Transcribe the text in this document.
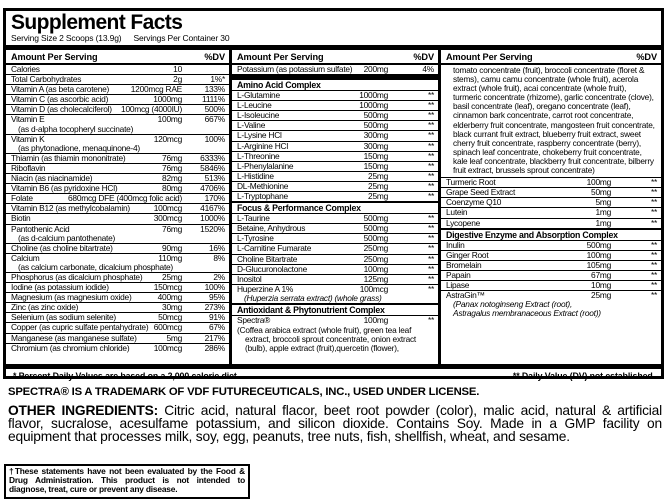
Supplement Facts
Serving Size 2 Scoops (13.9g) Servings Per Container 30
Amount Per Serving	%DV
Calories	10
Total Carbohydrates	2g	1%*
Vitamin A (as beta carotene)	1200mcg RAE	133%
Vitamin C (as ascorbic acid)	1000mg	1111%
Vitamin D (as cholecalciferol)	100mcg (4000IU)	500%
Vitamin E	100mg	667%
(as d-alpha tocopheryl succinate)
Vitamin K	120mcg	100%
(as phytonadione, menaquinone-4)
Thiamin (as thiamin mononitrate)	76mg	6333%
Riboflavin	76mg	5846%
Niacin (as niacinamide)	82mg	513%
Vitamin B6 (as pyridoxine HCl)	80mg	4706%
Folate	680mcg DFE (400mcg folic acid)	170%
Vitamin B12 (as methylcobalamin)	100mcg	4167%
Biotin	300mcg	1000%
Pantothenic Acid	76mg	1520%
(as d-calcium pantothenate)
Choline (as choline bitartrate)	90mg	16%
Calcium	110mg	8%
(as calcium carbonate, dicalcium phosphate)
Phosphorus (as dicalcium phosphate)	25mg	2%
Iodine (as potassium iodide)	150mcg	100%
Magnesium (as magnesium oxide)	400mg	95%
Zinc (as zinc oxide)	30mg	273%
Selenium (as sodium selenite)	50mcg	91%
Copper (as cupric sulfate pentahydrate) 600mcg	67%
Manganese (as manganese sulfate)	5mg	217%
Chromium (as chromium chloride)	100mcg	286%
Amount Per Serving	%DV
Potassium (as potassium sulfate)	200mg	4%
Amino Acid Complex
L-Glutamine	1000mg	**
L-Leucine	1000mg	**
L-Isoleucine	500mg	**
L-Valine	500mg	**
L-Lysine HCl	300mg	**
L-Arginine HCl	300mg	**
L-Threonine	150mg	**
L-Phenylalanine	150mg	**
L-Histidine	25mg	**
DL-Methionine	25mg	**
L-Tryptophane	25mg	**
Focus & Performance Complex
L-Taurine	500mg	**
Betaine, Anhydrous	500mg	**
L-Tyrosine	500mg	**
L-Carnitine Fumarate	250mg	**
Choline Bitartrate	250mg	**
D-Glucuronolactone	100mg	**
Inositol	125mg	**
Huperzine A 1%	100mcg	**
(Huperzia serrata extract) (whole grass)
Antioxidant & Phytonutrient Complex
Spectra®	100mg	**
(Coffea arabica extract (whole fruit), green tea leaf extract, broccoli sprout concentrate, onion extract (bulb), apple extract (fruit),quercetin (flower),
Amount Per Serving	%DV
tomato concentrate (fruit), broccoli concentrate (floret & stems), camu camu concentrate (whole fruit), acerola extract (whole fruit), acai concentrate (whole fruit), turmeric concentrate (rhizome), garlic concentrate (clove), basil concentrate (leaf), oregano concentrate (leaf), cinnamon bark concentrate, carrot root concentrate, elderberry fruit concentrate, mangosteen fruit concentrate, black currant fruit extract, blueberry fruit extract, sweet cherry fruit concentrate, raspberry concentrate (berry), spinach leaf concentrate, chokeberry fruit concentrate, kale leaf concentrate, blackberry fruit concentrate, bilberry fruit extract, brussels sprout concentrate)
Turmeric Root	100mg	**
Grape Seed Extract	50mg	**
Coenzyme Q10	5mg	**
Lutein	1mg	**
Lycopene	1mg	**
Digestive Enzyme and Absorption Complex
Inulin	500mg	**
Ginger Root	100mg	**
Bromelain	105mg	**
Papain	67mg	**
Lipase	10mg	**
AstraGin™	25mg	**
(Panax notoginseng Extract (root),
Astragalus membranaceous Extract (root))
* Percent Daily Values are based on a 2,000 calorie diet.	** Daily Value (DV) not established.
SPECTRA® IS A TRADEMARK OF VDF FUTURECEUTICALS, INC., USED UNDER LICENSE.
OTHER INGREDIENTS: Citric acid, natural flacor, beet root powder (color), malic acid, natural & artificial flavor, sucralose, acesulfame potassium, and silicon dioxide. Contains Soy. Made in a GMP facility on equipment that processes milk, soy, egg, peanuts, tree nuts, fish, shellfish, wheat, and sesame.
†These statements have not been evaluated by the Food & Drug Administration. This product is not intended to diagnose, treat, cure or prevent any disease.
